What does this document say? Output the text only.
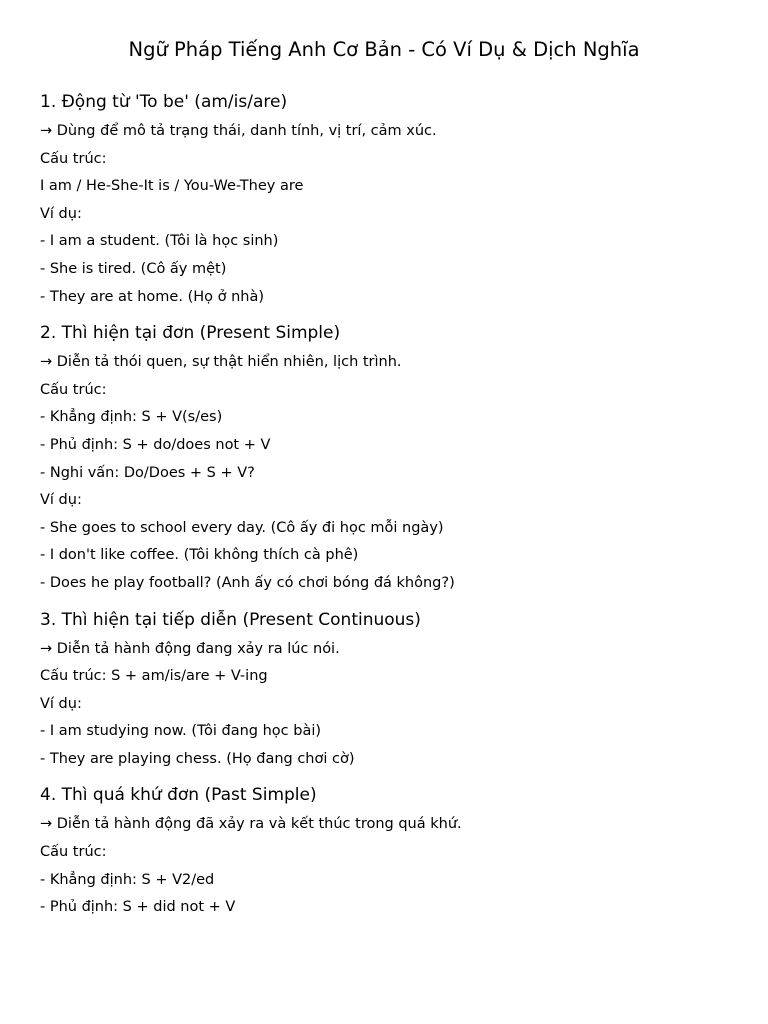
Ngữ Pháp Tiếng Anh Cơ Bản - Có Ví Dụ & Dịch Nghĩa
1. Động từ 'To be' (am/is/are)

→ Dùng để mô tả trạng thái, danh tính, vị trí, cảm xúc.

Cấu trúc:

I am / He-She-It is / You-We-They are

Ví dụ:

- I am a student. (Tôi là học sinh)

- She is tired. (Cô ấy mệt)

- They are at home. (Họ ở nhà)

2. Thì hiện tại đơn (Present Simple)

→ Diễn tả thói quen, sự thật hiển nhiên, lịch trình.

Cấu trúc:

- Khẳng định: S + V(s/es)

- Phủ định: S + do/does not + V

- Nghi vấn: Do/Does + S + V?

Ví dụ:

- She goes to school every day. (Cô ấy đi học mỗi ngày)

- I don't like coffee. (Tôi không thích cà phê)

- Does he play football? (Anh ấy có chơi bóng đá không?)

3. Thì hiện tại tiếp diễn (Present Continuous)

→ Diễn tả hành động đang xảy ra lúc nói.

Cấu trúc: S + am/is/are + V-ing

Ví dụ:

- I am studying now. (Tôi đang học bài)

- They are playing chess. (Họ đang chơi cờ)

4. Thì quá khứ đơn (Past Simple)

→ Diễn tả hành động đã xảy ra và kết thúc trong quá khứ.

Cấu trúc:

- Khẳng định: S + V2/ed

- Phủ định: S + did not + V
